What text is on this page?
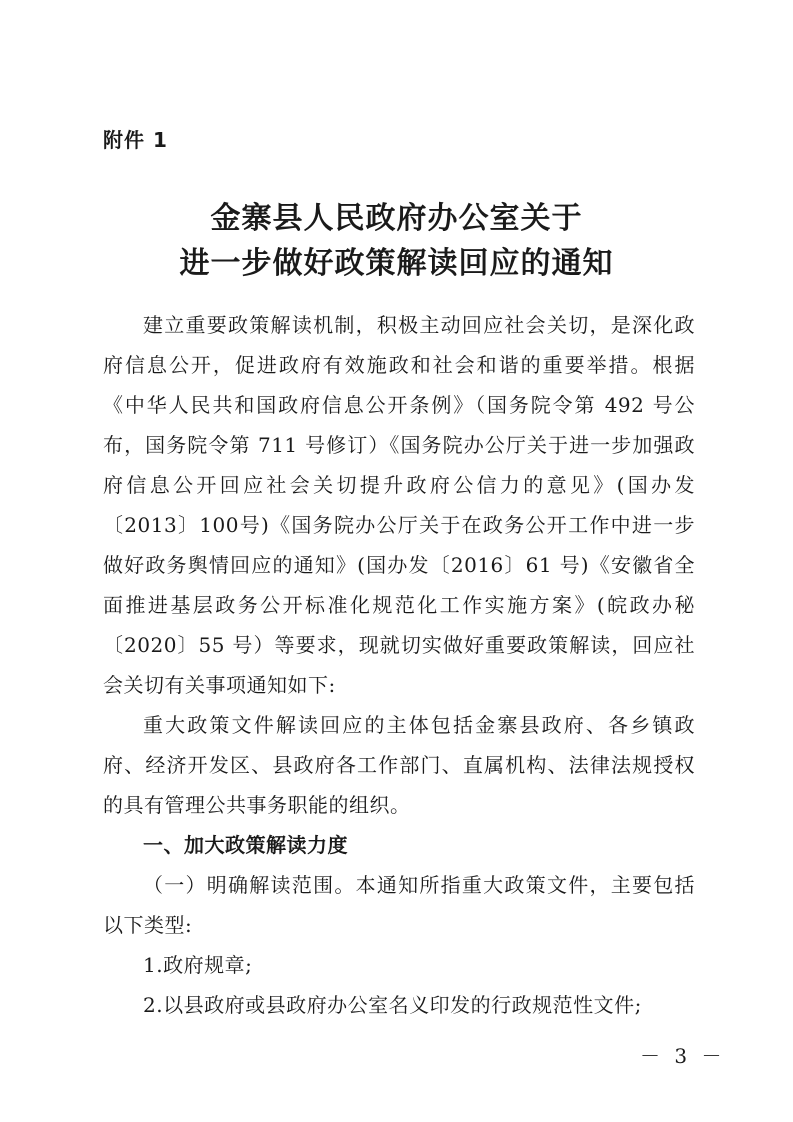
附件 1
金寨县人民政府办公室关于
进一步做好政策解读回应的通知

建立重要政策解读机制，积极主动回应社会关切，是深化政府信息公开，促进政府有效施政和社会和谐的重要举措。根据《中华人民共和国政府信息公开条例》（国务院令第 492 号公布，国务院令第 711 号修订）《国务院办公厅关于进一步加强政府信息公开回应社会关切提升政府公信力的意见》(国办发〔2013〕100号)《国务院办公厅关于在政务公开工作中进一步做好政务舆情回应的通知》(国办发〔2016〕61 号)《安徽省全面推进基层政务公开标准化规范化工作实施方案》(皖政办秘〔2020〕55 号）等要求，现就切实做好重要政策解读，回应社会关切有关事项通知如下:

重大政策文件解读回应的主体包括金寨县政府、各乡镇政府、经济开发区、县政府各工作部门、直属机构、法律法规授权的具有管理公共事务职能的组织。

一、加大政策解读力度

（一）明确解读范围。本通知所指重大政策文件，主要包括以下类型:

1.政府规章;

2.以县政府或县政府办公室名义印发的行政规范性文件;

－ 3 －
